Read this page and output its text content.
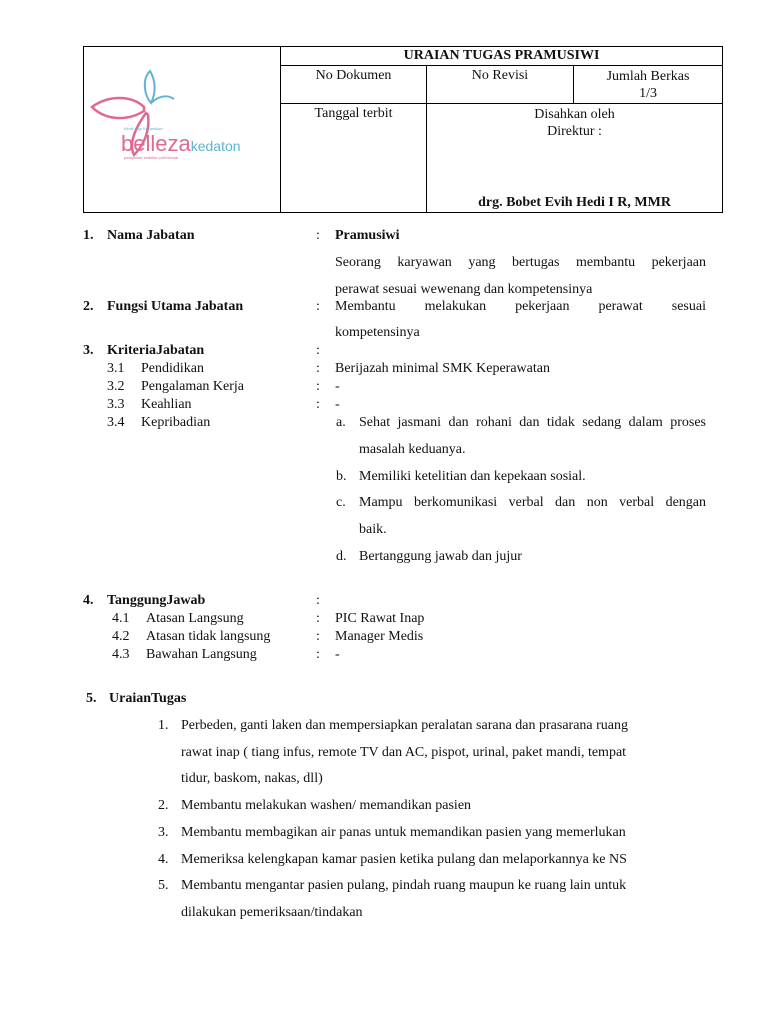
Klinik Gigi Kecantikan
bellezakedaton
pelayanan estetika profesional	URAIAN TUGAS PRAMUSIWI		
	No Dokumen	No Revisi	Jumlah Berkas
1/3

	Tanggal terbit	Disahkan oleh
Direktur :
drg. Bobet Evih Hedi I R, MMR	
1. Nama Jabatan	: Pramusiwi
Seorang karyawan yang bertugas membantu pekerjaan
perawat sesuai wewenang dan kompetensinya
2. Fungsi Utama Jabatan	: Membantu melakukan pekerjaan perawat sesuai
kompetensinya
3. KriteriaJabatan	:
3.1 Pendidikan	: Berijazah minimal SMK Keperawatan
3.2 Pengalaman Kerja	: -
3.3 Keahlian	: -
3.4 Kepribadian	a. Sehat jasmani dan rohani dan tidak sedang dalam proses
masalah keduanya.
b. Memiliki ketelitian dan kepekaan sosial.
c. Mampu berkomunikasi verbal dan non verbal dengan
baik.
d. Bertanggung jawab dan jujur
4. TanggungJawab	:
4.1 Atasan Langsung	: PIC Rawat Inap
4.2 Atasan tidak langsung	: Manager Medis
4.3 Bawahan Langsung	: -
5. UraianTugas
1. Perbeden, ganti laken dan mempersiapkan peralatan sarana dan prasarana ruang
rawat inap ( tiang infus, remote TV dan AC, pispot, urinal, paket mandi, tempat
tidur, baskom, nakas, dll)
2. Membantu melakukan washen/ memandikan pasien
3. Membantu membagikan air panas untuk memandikan pasien yang memerlukan
4. Memeriksa kelengkapan kamar pasien ketika pulang dan melaporkannya ke NS
5. Membantu mengantar pasien pulang, pindah ruang maupun ke ruang lain untuk
dilakukan pemeriksaan/tindakan
